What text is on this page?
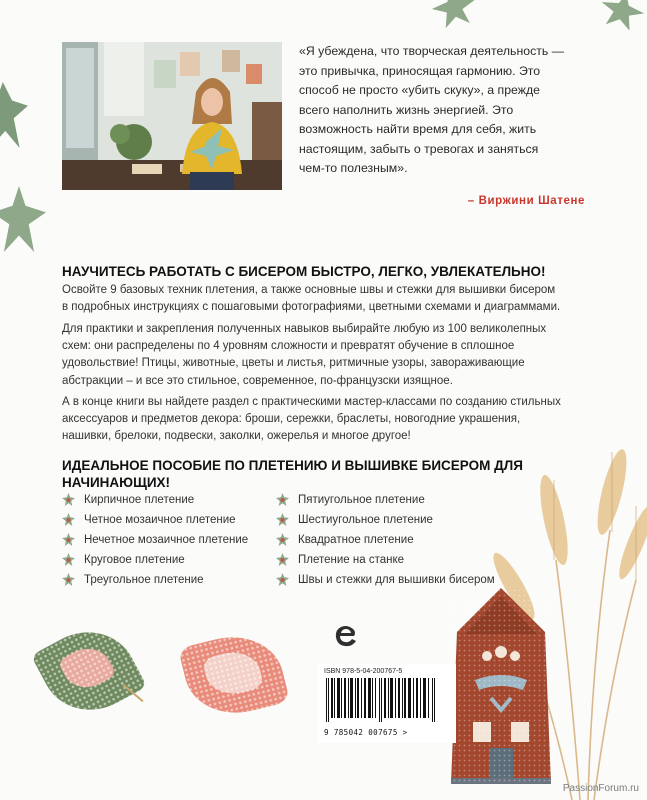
«Я убеждена, что творческая деятельность —
это привычка, приносящая гармонию. Это
способ не просто «убить скуку», а прежде
всего наполнить жизнь энергией. Это
возможность найти время для себя, жить
настоящим, забыть о тревогах и заняться
чем-то полезным».
– Виржини Шатене
НАУЧИТЕСЬ РАБОТАТЬ С БИСЕРОМ БЫСТРО, ЛЕГКО, УВЛЕКАТЕЛЬНО!
Освойте 9 базовых техник плетения, а также основные швы и стежки для вышивки бисером
в подробных инструкциях с пошаговыми фотографиями, цветными схемами и диаграммами.
Для практики и закрепления полученных навыков выбирайте любую из 100 великолепных
схем: они распределены по 4 уровням сложности и превратят обучение в сплошное
удовольствие! Птицы, животные, цветы и листья, ритмичные узоры, завораживающие
абстракции – и все это стильное, современное, по-французски изящное.
А в конце книги вы найдете раздел с практическими мастер-классами по созданию стильных
аксессуаров и предметов декора: броши, сережки, браслеты, новогодние украшения,
нашивки, брелоки, подвески, заколки, ожерелья и многое другое!
ИДЕАЛЬНОЕ ПОСОБИЕ ПО ПЛЕТЕНИЮ И ВЫШИВКЕ БИСЕРОМ ДЛЯ НАЧИНАЮЩИХ!
Кирпичное плетение
Четное мозаичное плетение
Нечетное мозаичное плетение
Круговое плетение
Треугольное плетение
Пятиугольное плетение
Шестиугольное плетение
Квадратное плетение
Плетение на станке
Швы и стежки для вышивки бисером
ISBN 978-5-04-200767-5
9 785042 007675 >
PassionForum.ru
